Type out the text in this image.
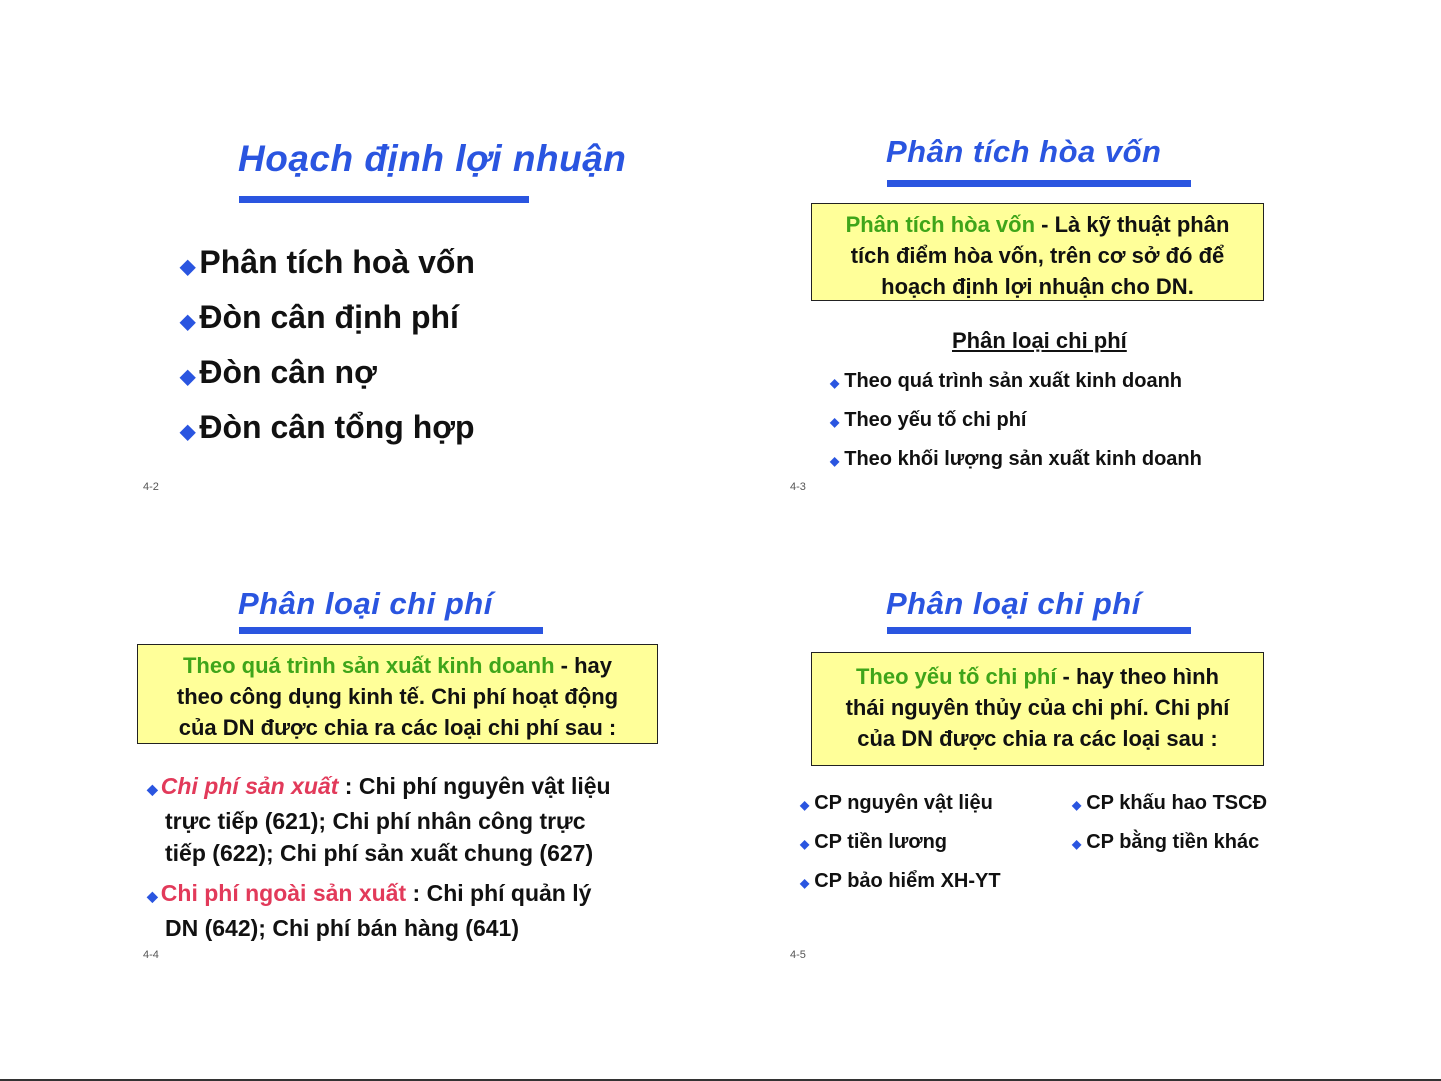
Hoạch định lợi nhuận
◆ Phân tích hoà vốn
◆ Đòn cân định phí
◆ Đòn cân nợ
◆ Đòn cân tổng hợp
4-2
Phân tích hòa vốn
Phân tích hòa vốn - Là kỹ thuật phân
tích điểm hòa vốn, trên cơ sở đó để
hoạch định lợi nhuận cho DN.
Phân loại chi phí
◆ Theo quá trình sản xuất kinh doanh
◆ Theo yếu tố chi phí
◆ Theo khối lượng sản xuất kinh doanh
4-3
Phân loại chi phí
Theo quá trình sản xuất kinh doanh - hay
theo công dụng kinh tế. Chi phí hoạt động
của DN được chia ra các loại chi phí sau :
◆ Chi phí sản xuất : Chi phí nguyên vật liệu
trực tiếp (621); Chi phí nhân công trực
tiếp (622); Chi phí sản xuất chung (627)
◆ Chi phí ngoài sản xuất : Chi phí quản lý
DN (642); Chi phí bán hàng (641)
4-4
Phân loại chi phí
Theo yếu tố chi phí - hay theo hình
thái nguyên thủy của chi phí. Chi phí
của DN được chia ra các loại sau :
◆ CP nguyên vật liệu
◆ CP tiền lương
◆ CP bảo hiểm XH-YT
◆ CP khấu hao TSCĐ
◆ CP bằng tiền khác
4-5
